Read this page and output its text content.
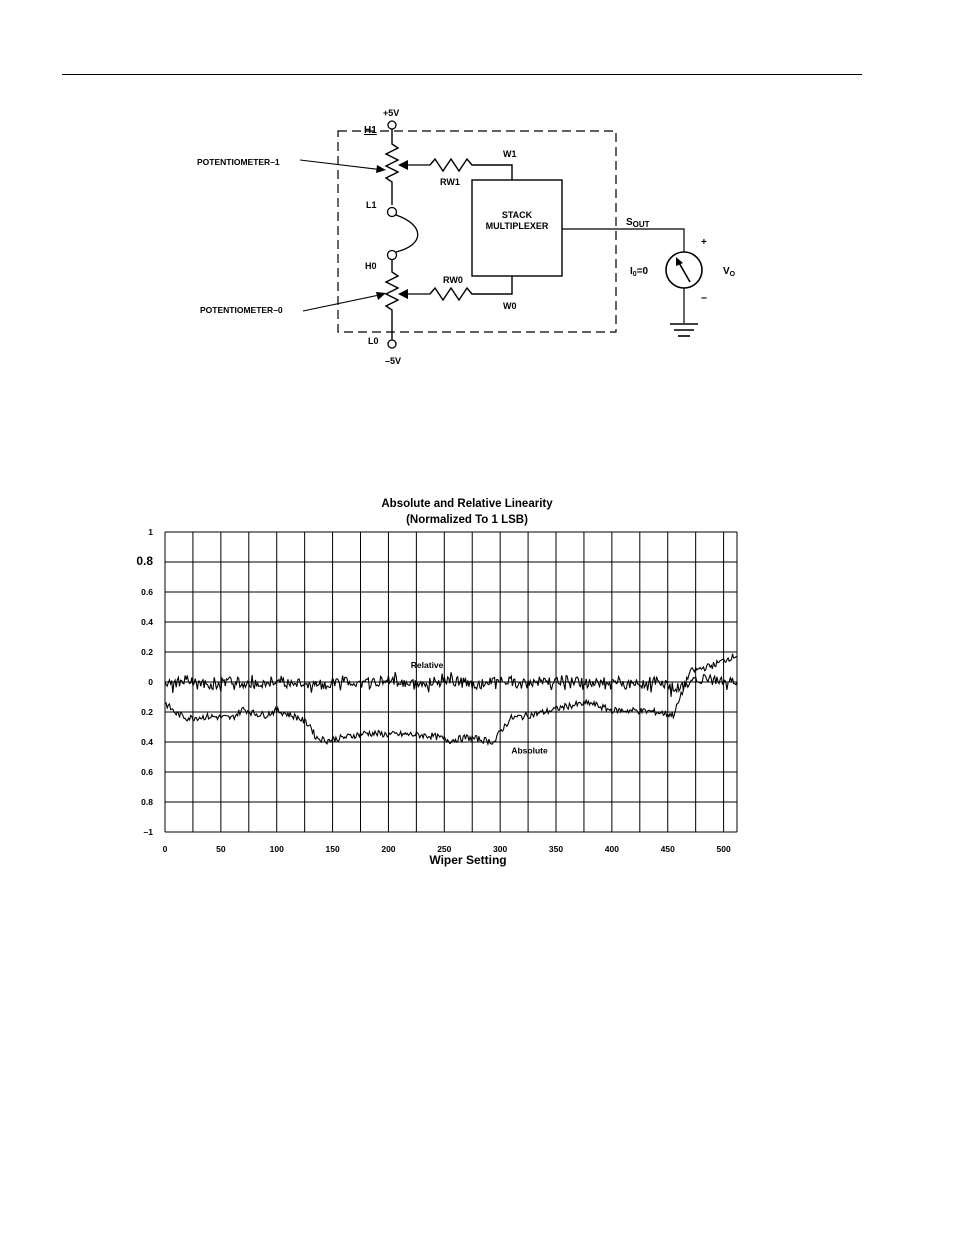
+5V
H1
POTENTIOMETER–1
W1
RW1
L1
H0
POTENTIOMETER–0
RW0
W0
STACK
MULTIPLEXER	$S_{OUT}$
+
–
$I_0=0$	$V_O$
L0
–5V
Absolute and Relative Linearity
(Normalized To 1 LSB)
Wiper Setting
1
0.8
0.6
0.4
0.2
0
0.2
0.4
0.6
0.8
–1
0	50	100	150	200	250	300	350	400	450	500
Relative
Absolute
